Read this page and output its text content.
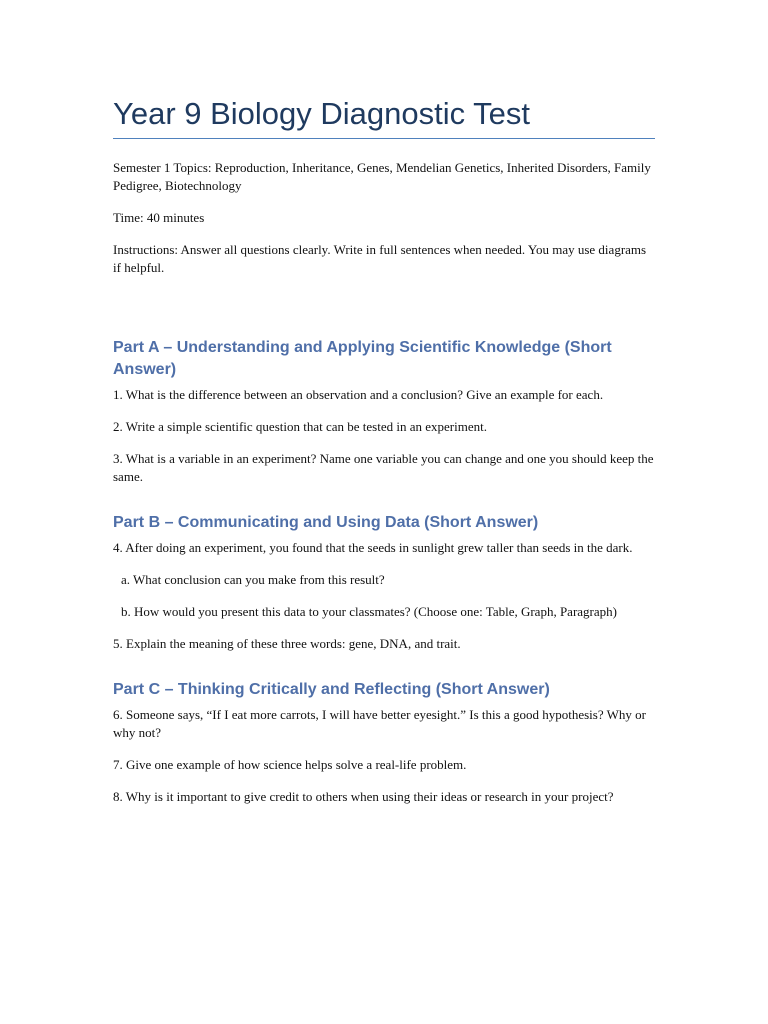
Year 9 Biology Diagnostic Test

Semester 1 Topics: Reproduction, Inheritance, Genes, Mendelian Genetics, Inherited Disorders, Family Pedigree, Biotechnology

Time: 40 minutes

Instructions: Answer all questions clearly. Write in full sentences when needed. You may use diagrams if helpful.

Part A – Understanding and Applying Scientific Knowledge (Short Answer)

1. What is the difference between an observation and a conclusion? Give an example for each.

2. Write a simple scientific question that can be tested in an experiment.

3. What is a variable in an experiment? Name one variable you can change and one you should keep the same.

Part B – Communicating and Using Data (Short Answer)

4. After doing an experiment, you found that the seeds in sunlight grew taller than seeds in the dark.

a. What conclusion can you make from this result?

b. How would you present this data to your classmates? (Choose one: Table, Graph, Paragraph)

5. Explain the meaning of these three words: gene, DNA, and trait.

Part C – Thinking Critically and Reflecting (Short Answer)

6. Someone says, “If I eat more carrots, I will have better eyesight.” Is this a good hypothesis? Why or why not?

7. Give one example of how science helps solve a real-life problem.

8. Why is it important to give credit to others when using their ideas or research in your project?
